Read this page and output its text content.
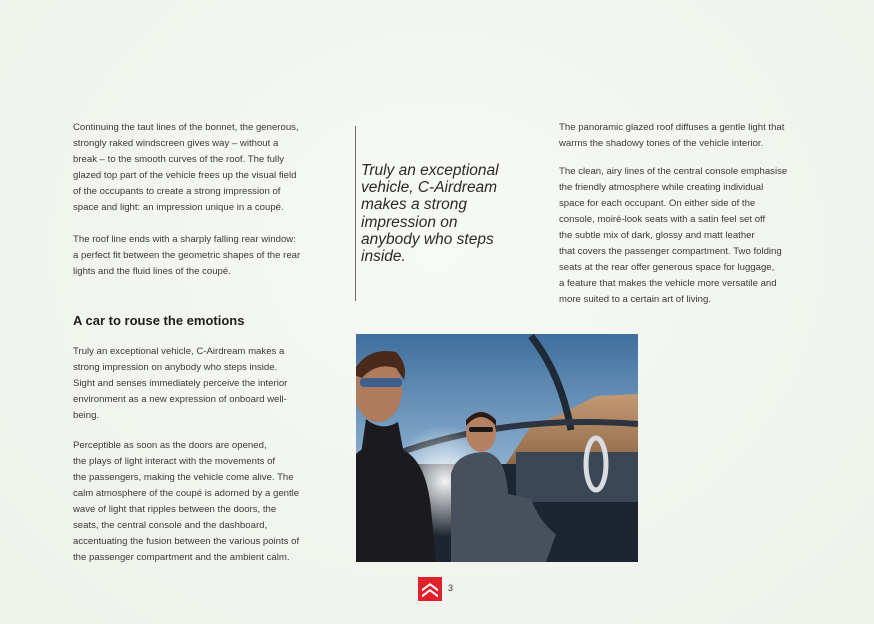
Continuing the taut lines of the bonnet, the generous,
strongly raked windscreen gives way – without a
break – to the smooth curves of the roof. The fully
glazed top part of the vehicle frees up the visual field
of the occupants to create a strong impression of
space and light: an impression unique in a coupé.

The roof line ends with a sharply falling rear window:
a perfect fit between the geometric shapes of the rear
lights and the fluid lines of the coupé.

A car to rouse the emotions

Truly an exceptional vehicle, C-Airdream makes a
strong impression on anybody who steps inside.
Sight and senses immediately perceive the interior
environment as a new expression of onboard well-
being.

Perceptible as soon as the doors are opened,
the plays of light interact with the movements of
the passengers, making the vehicle come alive. The
calm atmosphere of the coupé is adorned by a gentle
wave of light that ripples between the doors, the
seats, the central console and the dashboard,
accentuating the fusion between the various points of
the passenger compartment and the ambient calm.

Truly an exceptional
vehicle, C-Airdream
makes a strong
impression on
anybody who steps
inside.

The panoramic glazed roof diffuses a gentle light that
warms the shadowy tones of the vehicle interior.

The clean, airy lines of the central console emphasise
the friendly atmosphere while creating individual
space for each occupant. On either side of the
console, moiré-look seats with a satin feel set off
the subtle mix of dark, glossy and matt leather
that covers the passenger compartment. Two folding
seats at the rear offer generous space for luggage,
a feature that makes the vehicle more versatile and
more suited to a certain art of living.

3
